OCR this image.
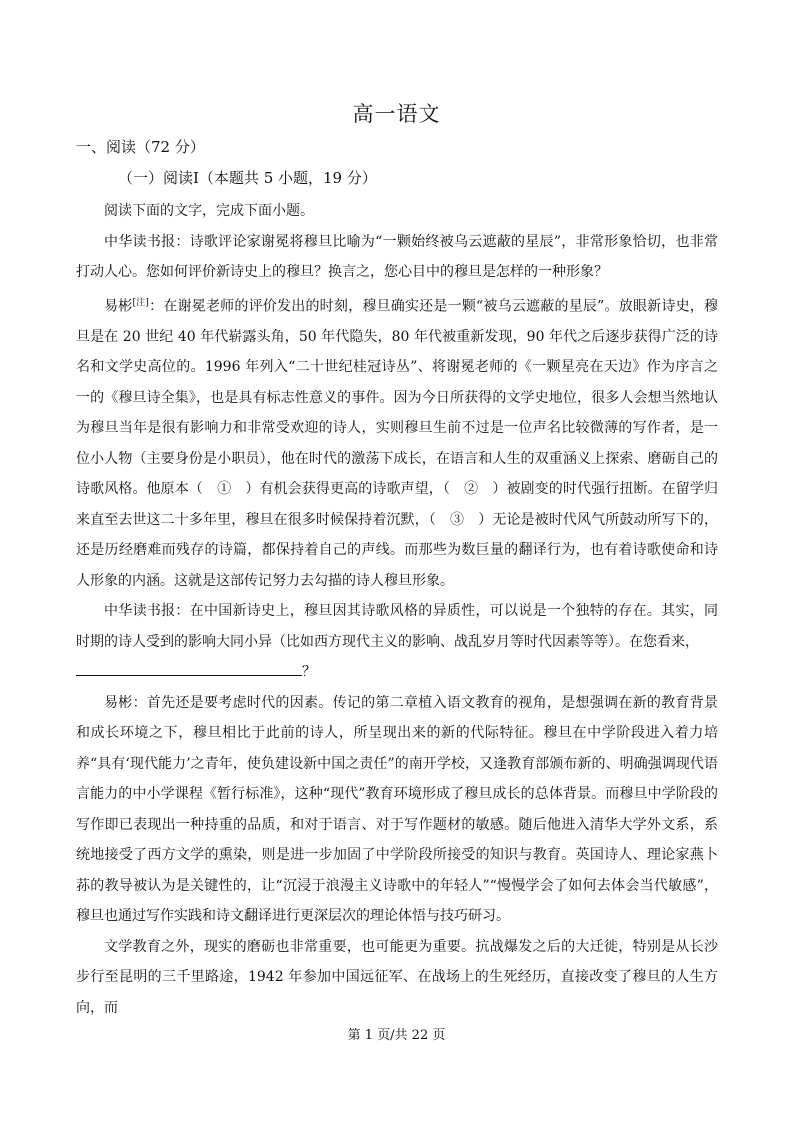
高一语文
一、阅读（72 分）
（一）阅读Ⅰ（本题共 5 小题，19 分）

阅读下面的文字，完成下面小题。

中华读书报：诗歌评论家谢冕将穆旦比喻为“一颗始终被乌云遮蔽的星辰”，非常形象恰切，也非常打动人心。您如何评价新诗史上的穆旦？换言之，您心目中的穆旦是怎样的一种形象？

易彬[注]：在谢冕老师的评价发出的时刻，穆旦确实还是一颗“被乌云遮蔽的星辰”。放眼新诗史，穆旦是在 20 世纪 40 年代崭露头角，50 年代隐失，80 年代被重新发现，90 年代之后逐步获得广泛的诗名和文学史高位的。1996 年列入“二十世纪桂冠诗丛”、将谢冕老师的《一颗星亮在天边》作为序言之一的《穆旦诗全集》，也是具有标志性意义的事件。因为今日所获得的文学史地位，很多人会想当然地认为穆旦当年是很有影响力和非常受欢迎的诗人，实则穆旦生前不过是一位声名比较微薄的写作者，是一位小人物（主要身份是小职员），他在时代的激荡下成长，在语言和人生的双重涵义上探索、磨砺自己的诗歌风格。他原本（　①　）有机会获得更高的诗歌声望，（　②　）被剧变的时代强行扭断。在留学归来直至去世这二十多年里，穆旦在很多时候保持着沉默，（　③　）无论是被时代风气所鼓动所写下的，还是历经磨难而残存的诗篇，都保持着自己的声线。而那些为数巨量的翻译行为，也有着诗歌使命和诗人形象的内涵。这就是这部传记努力去勾描的诗人穆旦形象。

中华读书报：在中国新诗史上，穆旦因其诗歌风格的异质性，可以说是一个独特的存在。其实，同时期的诗人受到的影响大同小异（比如西方现代主义的影响、战乱岁月等时代因素等等）。在您看来，

？

易彬：首先还是要考虑时代的因素。传记的第二章植入语文教育的视角，是想强调在新的教育背景和成长环境之下，穆旦相比于此前的诗人，所呈现出来的新的代际特征。穆旦在中学阶段进入着力培养“具有‘现代能力’之青年，使负建设新中国之责任”的南开学校，又逢教育部颁布新的、明确强调现代语言能力的中小学课程《暂行标准》，这种“现代”教育环境形成了穆旦成长的总体背景。而穆旦中学阶段的写作即已表现出一种持重的品质，和对于语言、对于写作题材的敏感。随后他进入清华大学外文系，系统地接受了西方文学的熏染，则是进一步加固了中学阶段所接受的知识与教育。英国诗人、理论家燕卜荪的教导被认为是关键性的，让“沉浸于浪漫主义诗歌中的年轻人”“慢慢学会了如何去体会当代敏感”，穆旦也通过写作实践和诗文翻译进行更深层次的理论体悟与技巧研习。

文学教育之外，现实的磨砺也非常重要，也可能更为重要。抗战爆发之后的大迁徙，特别是从长沙步行至昆明的三千里路途，1942 年参加中国远征军、在战场上的生死经历，直接改变了穆旦的人生方向，而

第 1 页/共 22 页
